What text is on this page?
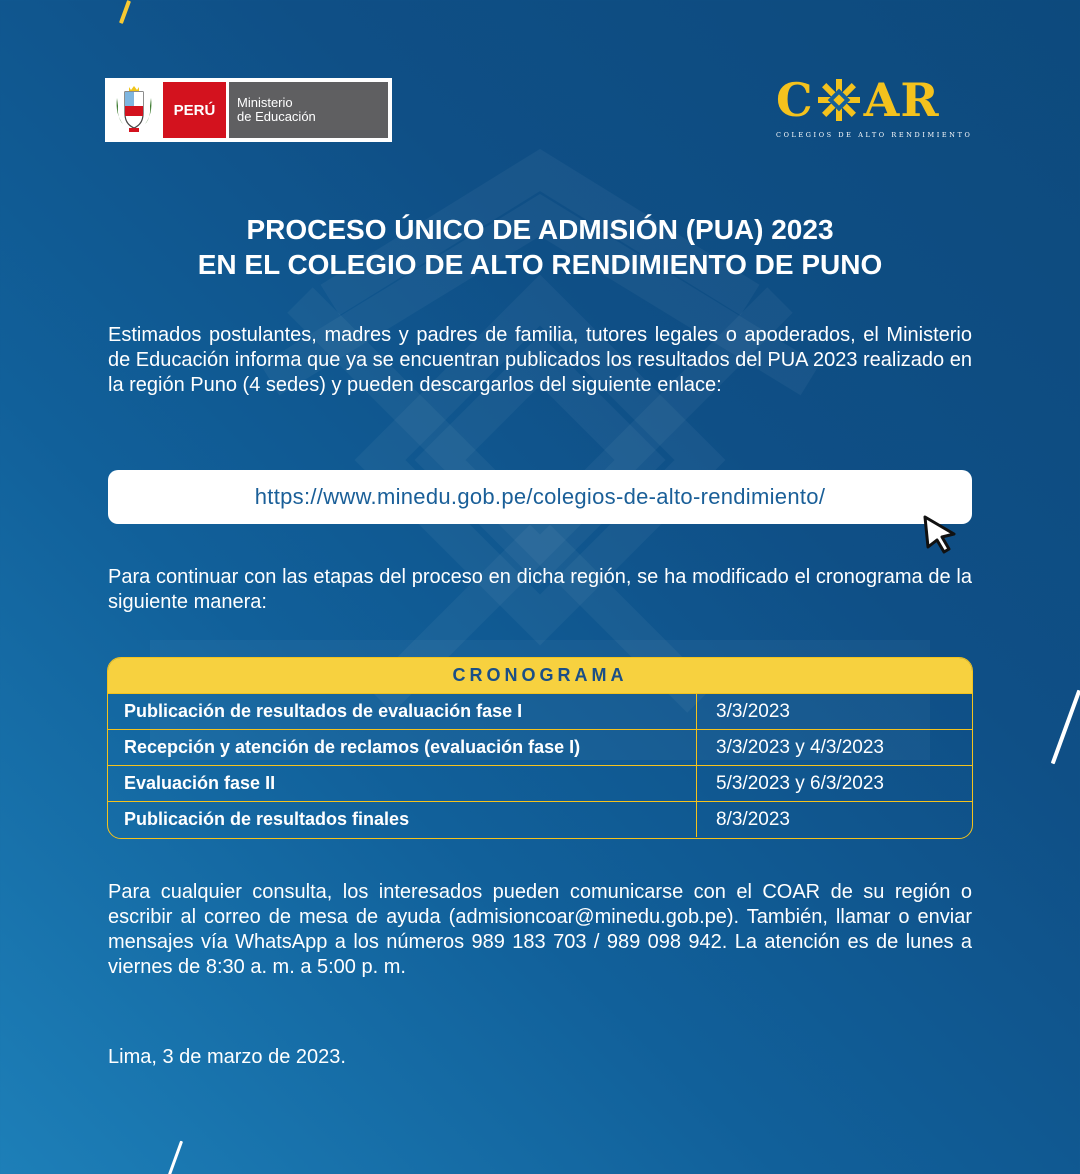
PERÚ	Ministerio
de Educación	C AR
COLEGIOS DE ALTO RENDIMIENTO
PROCESO ÚNICO DE ADMISIÓN (PUA) 2023
EN EL COLEGIO DE ALTO RENDIMIENTO DE PUNO

Estimados postulantes, madres y padres de familia, tutores legales o apoderados, el Ministerio de Educación informa que ya se encuentran publicados los resultados del PUA 2023 realizado en la región Puno (4 sedes) y pueden descargarlos del siguiente enlace:

https://www.minedu.gob.pe/colegios-de-alto-rendimiento/

Para continuar con las etapas del proceso en dicha región, se ha modificado el cronograma de la siguiente manera:

CRONOGRAMA
Publicación de resultados de evaluación fase I	3/3/2023
Recepción y atención de reclamos (evaluación fase I)	3/3/2023 y 4/3/2023
Evaluación fase II	5/3/2023 y 6/3/2023
Publicación de resultados finales	8/3/2023

Para cualquier consulta, los interesados pueden comunicarse con el COAR de su región o escribir al correo de mesa de ayuda (admisioncoar@minedu.gob.pe). También, llamar o enviar mensajes vía WhatsApp a los números 989 183 703 / 989 098 942. La atención es de lunes a viernes de 8:30 a. m. a 5:00 p. m.

Lima, 3 de marzo de 2023.
